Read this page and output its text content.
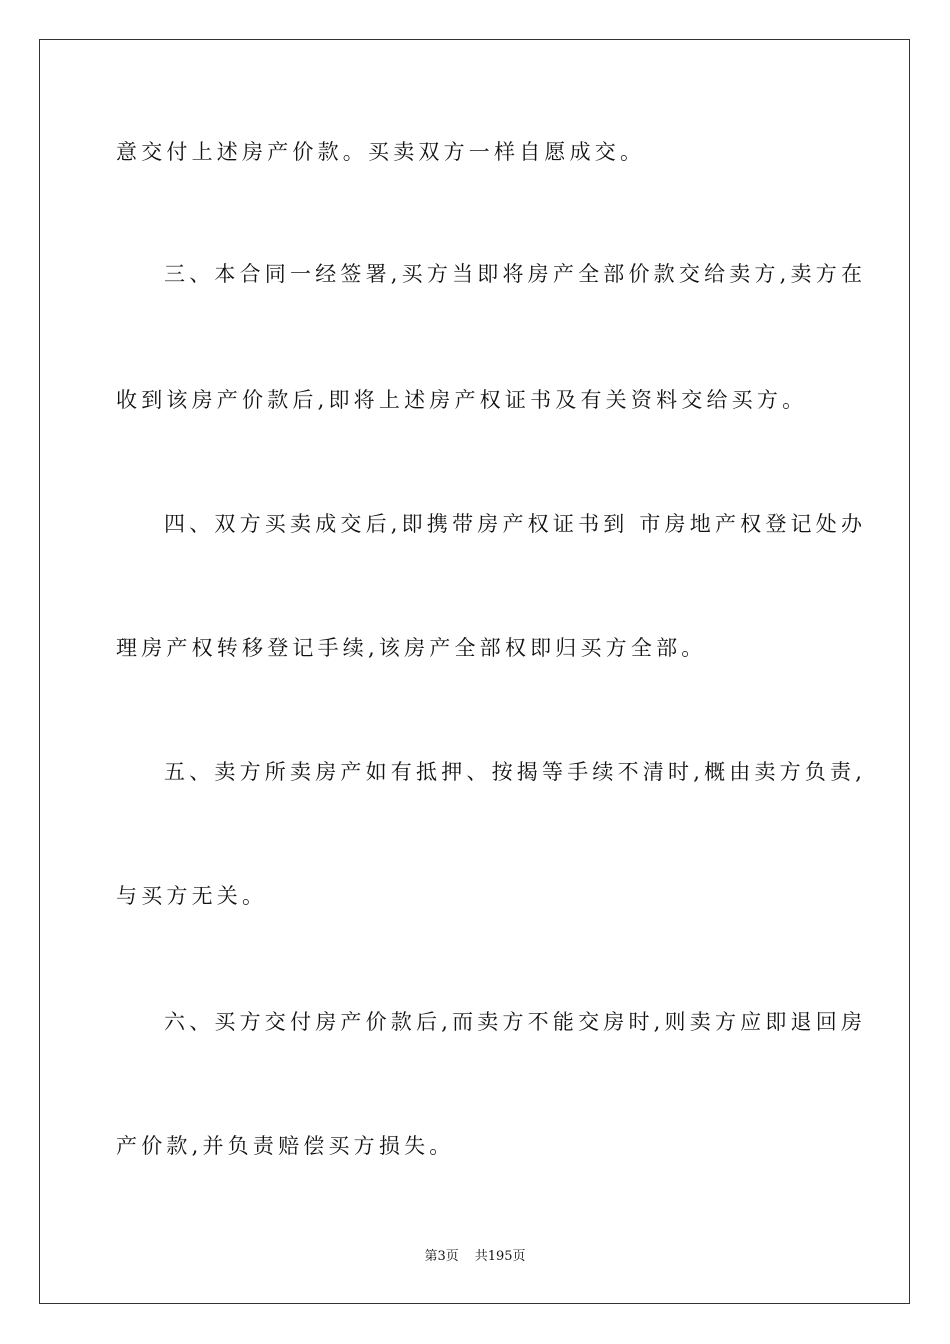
意交付上述房产价款。买卖双方一样自愿成交。
三、本合同一经签署,买方当即将房产全部价款交给卖方,卖方在
收到该房产价款后,即将上述房产权证书及有关资料交给买方。
四、双方买卖成交后,即携带房产权证书到 市房地产权登记处办
理房产权转移登记手续,该房产全部权即归买方全部。
五、卖方所卖房产如有抵押、按揭等手续不清时,概由卖方负责,
与买方无关。
六、买方交付房产价款后,而卖方不能交房时,则卖方应即退回房
产价款,并负责赔偿买方损失。
第3页 共195页
